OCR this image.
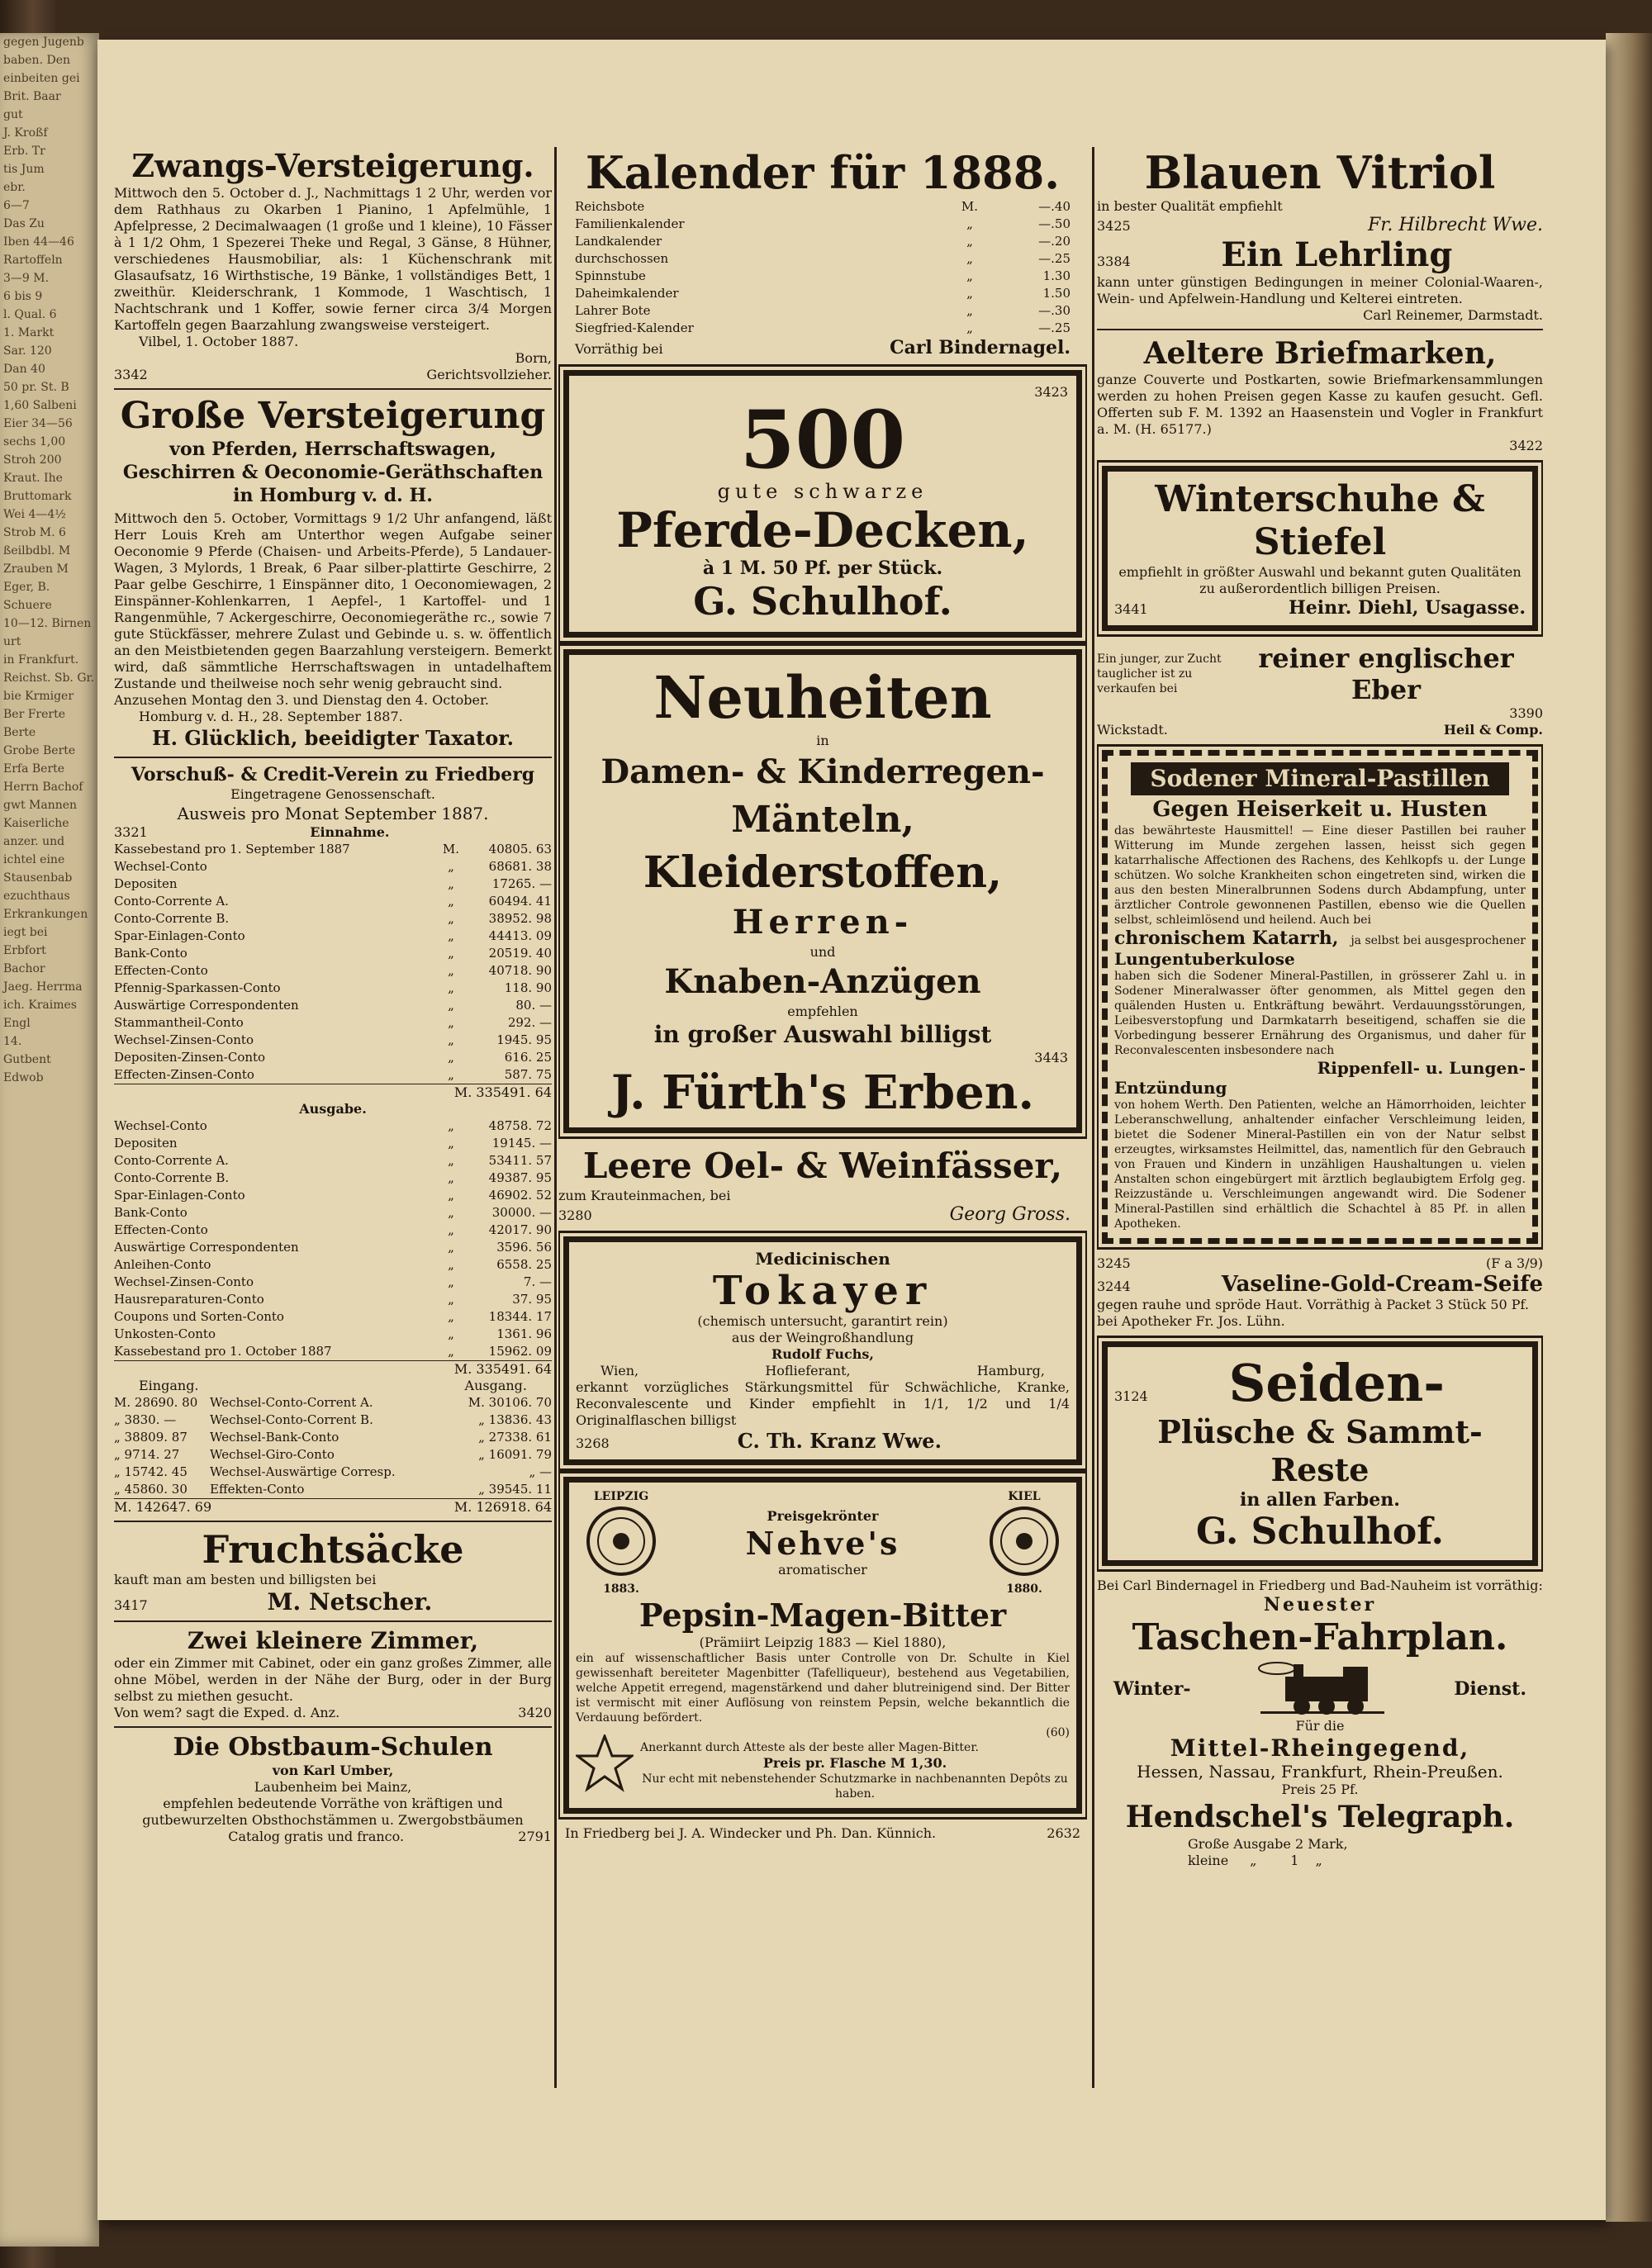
gegen Jugenb
baben. Den
einbeiten gei
Brit. Baar
gut
J. Kroßf
Erb. Tr
tis Jum
ebr.
6—7
Das Zu
Iben 44—46
Rartoffeln
3—9 M.
6 bis 9
l. Qual. 6
1. Markt
Sar. 120
Dan 40
50 pr. St. B
1,60 Salbeni
Eier 34—56
sechs 1,00
Stroh 200
Kraut. Ihe
Bruttomark
Wei 4—4½
Strob M. 6
ßeilbdbl. M
Zrauben M
Eger, B.
Schuere
10—12. Birnen
urt
in Frankfurt.
Reichst. Sb. Gr.
bie Krmiger
Ber Frerte
Berte
Grobe Berte
Erfa Berte
Herrn Bachof
gwt Mannen
Kaiserliche
anzer. und
ichtel eine
Stausenbab
ezuchthaus
Erkrankungen
iegt bei
Erbfort
Bachor
Jaeg. Herrma
ich. Kraimes
Engl
14.
Gutbent
Edwob
Zwangs-Versteigerung.
Mittwoch den 5. October d. J., Nachmittags 1 2 Uhr, werden vor dem Rathhaus zu Okarben 1 Pianino, 1 Apfelmühle, 1 Apfelpresse, 2 Decimalwaagen (1 große und 1 kleine), 10 Fässer à 1 1/2 Ohm, 1 Spezerei Theke und Regal, 3 Gänse, 8 Hühner, verschiedenes Hausmobiliar, als: 1 Küchenschrank mit Glasaufsatz, 16 Wirthstische, 19 Bänke, 1 vollständiges Bett, 1 zweithür. Kleiderschrank, 1 Kommode, 1 Waschtisch, 1 Nachtschrank und 1 Koffer, sowie ferner circa 3/4 Morgen Kartoffeln gegen Baarzahlung zwangsweise versteigert.
Vilbel, 1. October 1887.
Born,
3342	Gerichtsvollzieher.
Große Versteigerung
von Pferden, Herrschaftswagen, Geschirren & Oeconomie-Geräthschaften in Homburg v. d. H.
Mittwoch den 5. October, Vormittags 9 1/2 Uhr anfangend, läßt Herr Louis Kreh am Unterthor wegen Aufgabe seiner Oeconomie 9 Pferde (Chaisen- und Arbeits-Pferde), 5 Landauer-Wagen, 3 Mylords, 1 Break, 6 Paar silber-plattirte Geschirre, 2 Paar gelbe Geschirre, 1 Einspänner dito, 1 Oeconomiewagen, 2 Einspänner-Kohlenkarren, 1 Aepfel-, 1 Kartoffel- und 1 Rangenmühle, 7 Ackergeschirre, Oeconomiegeräthe rc., sowie 7 gute Stückfässer, mehrere Zulast und Gebinde u. s. w. öffentlich an den Meistbietenden gegen Baarzahlung versteigern. Bemerkt wird, daß sämmtliche Herrschaftswagen in untadelhaftem Zustande und theilweise noch sehr wenig gebraucht sind.
Anzusehen Montag den 3. und Dienstag den 4. October.
Homburg v. d. H., 28. September 1887.
H. Glücklich, beeidigter Taxator.
Vorschuß- & Credit-Verein zu Friedberg
Eingetragene Genossenschaft.
Ausweis pro Monat September 1887.
3321	Einnahme.
Kassebestand pro 1. September 1887	M.	40805. 63
Wechsel-Conto	„	68681. 38
Depositen	„	17265. —
Conto-Corrente A.	„	60494. 41
Conto-Corrente B.	„	38952. 98
Spar-Einlagen-Conto	„	44413. 09
Bank-Conto	„	20519. 40
Effecten-Conto	„	40718. 90
Pfennig-Sparkassen-Conto	„	118. 90
Auswärtige Correspondenten	„	80. —
Stammantheil-Conto	„	292. —
Wechsel-Zinsen-Conto	„	1945. 95
Depositen-Zinsen-Conto	„	616. 25
Effecten-Zinsen-Conto	„	587. 75
M. 335491. 64
Ausgabe.
Wechsel-Conto	„	48758. 72
Depositen	„	19145. —
Conto-Corrente A.	„	53411. 57
Conto-Corrente B.	„	49387. 95
Spar-Einlagen-Conto	„	46902. 52
Bank-Conto	„	30000. —
Effecten-Conto	„	42017. 90
Auswärtige Correspondenten	„	3596. 56
Anleihen-Conto	„	6558. 25
Wechsel-Zinsen-Conto	„	7. —
Hausreparaturen-Conto	„	37. 95
Coupons und Sorten-Conto	„	18344. 17
Unkosten-Conto	„	1361. 96
Kassebestand pro 1. October 1887	„	15962. 09
M. 335491. 64
Eingang.	Ausgang.
M. 28690. 80 Wechsel-Conto-Corrent A.	M. 30106. 70
„ 3830. —	Wechsel-Conto-Corrent B.	„ 13836. 43
„ 38809. 87	Wechsel-Bank-Conto	„ 27338. 61
„ 9714. 27	Wechsel-Giro-Conto	„ 16091. 79
„ 15742. 45	Wechsel-Auswärtige Corresp.	„ —
„ 45860. 30	Effekten-Conto	„ 39545. 11
M. 142647. 69	M. 126918. 64
Fruchtsäcke
kauft man am besten und billigsten bei
3417	M. Netscher.
Zwei kleinere Zimmer,
oder ein Zimmer mit Cabinet, oder ein ganz großes Zimmer, alle ohne Möbel, werden in der Nähe der Burg, oder in der Burg selbst zu miethen gesucht.
Von wem? sagt die Exped. d. Anz.	3420
Die Obstbaum-Schulen
von Karl Umber,
Laubenheim bei Mainz,
empfehlen bedeutende Vorräthe von kräftigen und gutbewurzelten Obsthochstämmen u. Zwergobstbäumen
Catalog gratis und franco.	2791
Kalender für 1888.
Reichsbote	M.	—.40
Familienkalender	„	—.50
Landkalender	„	—.20
durchschossen	„	—.25
Spinnstube	„	1.30
Daheimkalender	„	1.50
Lahrer Bote	„	—.30
Siegfried-Kalender	„	—.25
Vorräthig bei	Carl Bindernagel.
3423
500
gute schwarze
Pferde-Decken,
à 1 M. 50 Pf. per Stück.
G. Schulhof.
Neuheiten
in
Damen- & Kinderregen-
Mänteln,
Kleiderstoffen,
Herren-
und
Knaben-Anzügen
empfehlen
in großer Auswahl billigst
3443
J. Fürth's Erben.
Leere Oel- & Weinfässer,
zum Krauteinmachen, bei
3280	Georg Gross.
Medicinischen
Tokayer
(chemisch untersucht, garantirt rein)
aus der Weingroßhandlung
Rudolf Fuchs,
Wien,	Hoflieferant,	Hamburg,
erkannt vorzügliches Stärkungsmittel für Schwächliche, Kranke, Reconvalescente und Kinder empfiehlt in 1/1, 1/2 und 1/4 Originalflaschen billigst
3268	C. Th. Kranz Wwe.
LEIPZIG
1883.
Preisgekrönter
Nehve's
aromatischer
KIEL
1880.
Pepsin-Magen-Bitter
(Prämiirt Leipzig 1883 — Kiel 1880),
ein auf wissenschaftlicher Basis unter Controlle von Dr. Schulte in Kiel gewissenhaft bereiteter Magenbitter (Tafelliqueur), bestehend aus Vegetabilien, welche Appetit erregend, magenstärkend und daher blutreinigend sind. Der Bitter ist vermischt mit einer Auflösung von reinstem Pepsin, welche bekanntlich die Verdauung befördert.
(60)
Anerkannt durch Atteste als der beste aller Magen-Bitter.
Preis pr. Flasche M 1,30.
Nur echt mit nebenstehender Schutzmarke in nachbenannten Depôts zu haben.
In Friedberg bei J. A. Windecker und Ph. Dan. Künnich.	2632
Blauen Vitriol
in bester Qualität empfiehlt
3425	Fr. Hilbrecht Wwe.
3384	Ein Lehrling
kann unter günstigen Bedingungen in meiner Colonial-Waaren-, Wein- und Apfelwein-Handlung und Kelterei eintreten.
Carl Reinemer, Darmstadt.
Aeltere Briefmarken,
ganze Couverte und Postkarten, sowie Briefmarkensammlungen werden zu hohen Preisen gegen Kasse zu kaufen gesucht. Gefl. Offerten sub F. M. 1392 an Haasenstein und Vogler in Frankfurt a. M. (H. 65177.)
3422
Winterschuhe & Stiefel
empfiehlt in größter Auswahl und bekannt guten Qualitäten zu außerordentlich billigen Preisen.
3441	Heinr. Diehl, Usagasse.
Ein junger, zur Zucht tauglicher ist zu verkaufen bei
reiner englischer Eber
3390
Wickstadt.	Heil & Comp.
Sodener Mineral-Pastillen
Gegen Heiserkeit u. Husten
das bewährteste Hausmittel! — Eine dieser Pastillen bei rauher Witterung im Munde zergehen lassen, heisst sich gegen katarrhalische Affectionen des Rachens, des Kehlkopfs u. der Lunge schützen. Wo solche Krankheiten schon eingetreten sind, wirken die aus den besten Mineralbrunnen Sodens durch Abdampfung, unter ärztlicher Controle gewonnenen Pastillen, ebenso wie die Quellen selbst, schleimlösend und heilend. Auch bei
chronischem Katarrh, ja selbst bei ausgesprochener
Lungentuberkulose
haben sich die Sodener Mineral-Pastillen, in grösserer Zahl u. in Sodener Mineralwasser öfter genommen, als Mittel gegen den quälenden Husten u. Entkräftung bewährt. Verdauungsstörungen, Leibesverstopfung und Darmkatarrh beseitigend, schaffen sie die Vorbedingung besserer Ernährung des Organismus, und daher für Reconvalescenten insbesondere nach
Rippenfell- u. Lungen-
Entzündung
von hohem Werth. Den Patienten, welche an Hämorrhoiden, leichter Leberanschwellung, anhaltender einfacher Verschleimung leiden, bietet die Sodener Mineral-Pastillen ein von der Natur selbst erzeugtes, wirksamstes Heilmittel, das, namentlich für den Gebrauch von Frauen und Kindern in unzähligen Haushaltungen u. vielen Anstalten schon eingebürgert mit ärztlich beglaubigtem Erfolg geg. Reizzustände u. Verschleimungen angewandt wird. Die Sodener Mineral-Pastillen sind erhältlich die Schachtel à 85 Pf. in allen Apotheken.
3245	(F a 3/9)
3244	Vaseline-Gold-Cream-Seife
gegen rauhe und spröde Haut. Vorräthig à Packet 3 Stück 50 Pf. bei Apotheker Fr. Jos. Lühn.
3124	Seiden-
Plüsche & Sammt-
Reste
in allen Farben.
G. Schulhof.
Bei Carl Bindernagel in Friedberg und Bad-Nauheim ist vorräthig:
Neuester
Taschen-Fahrplan.
Winter-	Dienst.
Für die
Mittel-Rheingegend,
Hessen, Nassau, Frankfurt, Rhein-Preußen.
Preis 25 Pf.
Hendschel's Telegraph.
Große Ausgabe 2 Mark,
kleine „	1 „
